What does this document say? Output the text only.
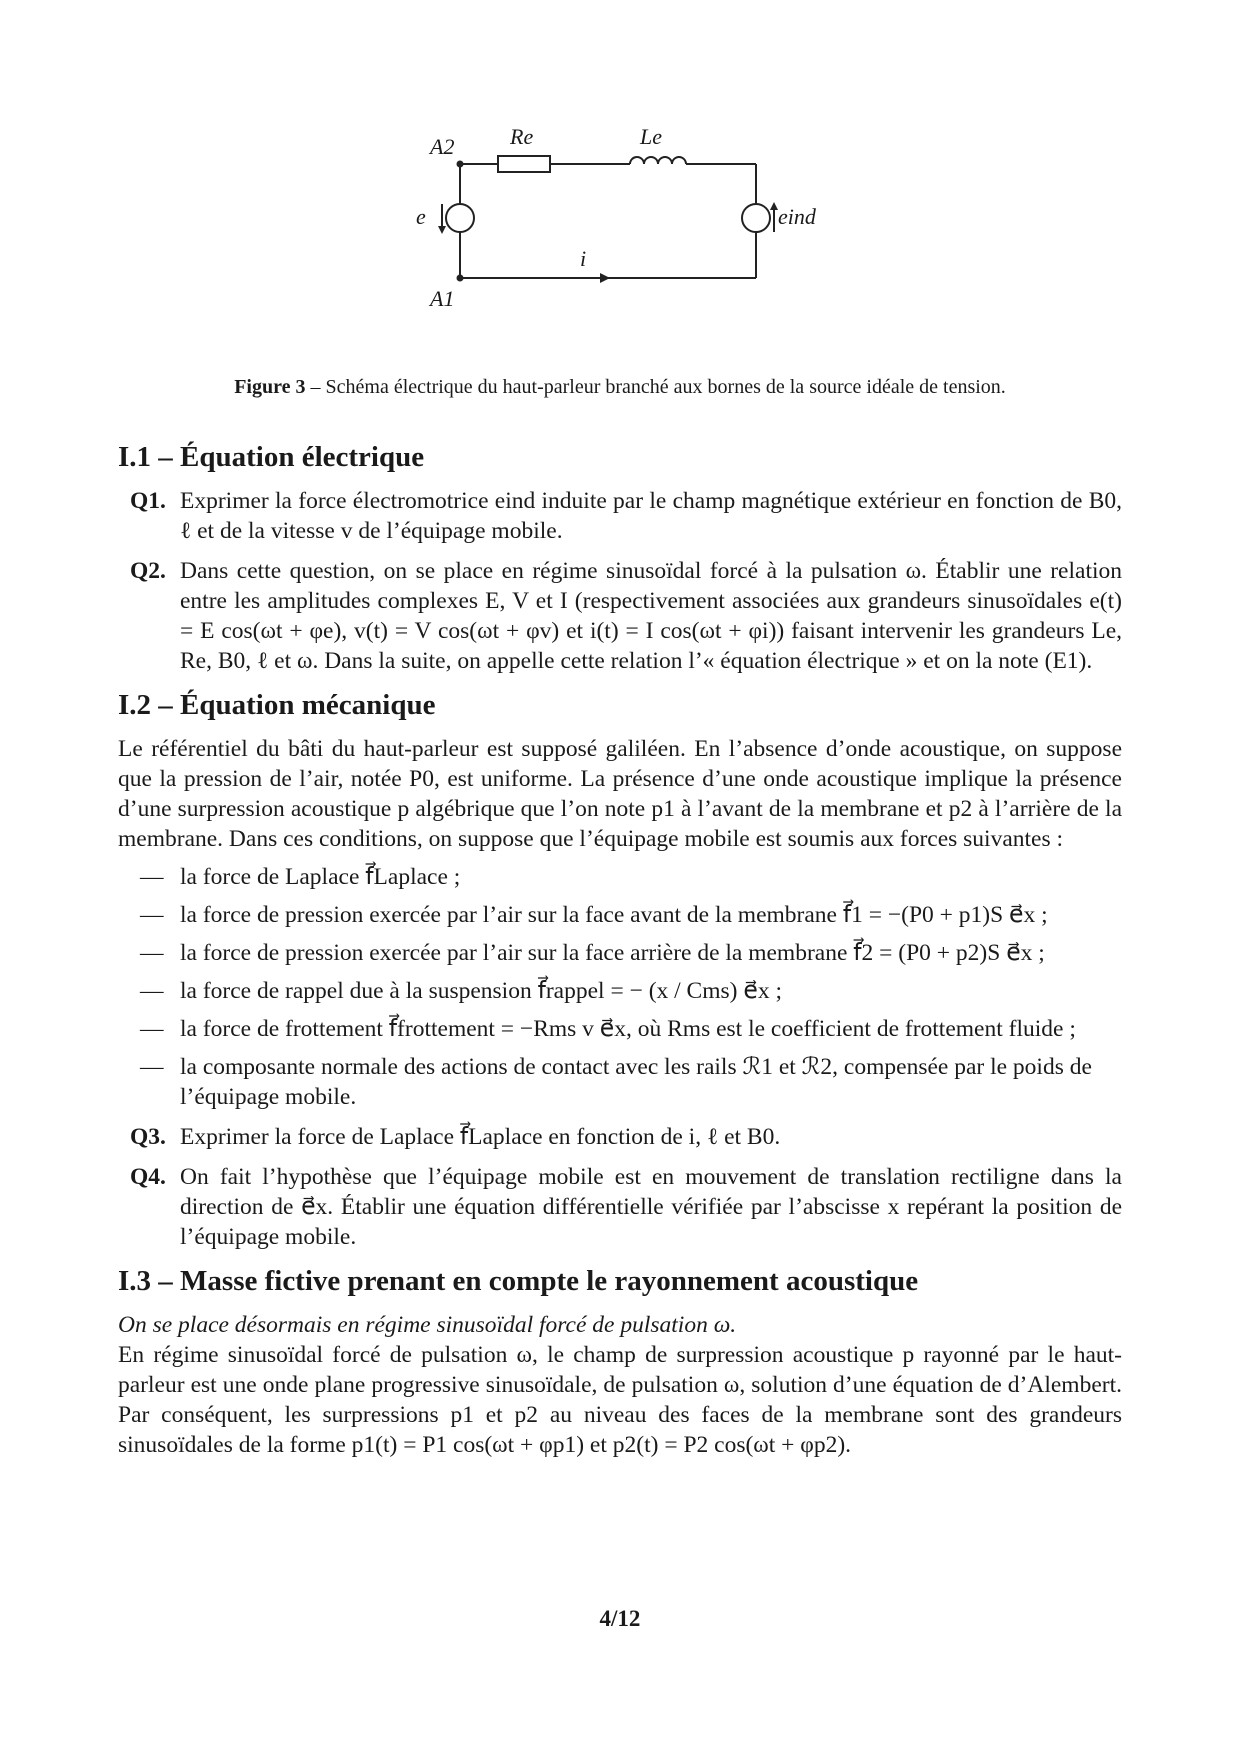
A2
A1
Re	Le
e	eind
i
Figure 3 – Schéma électrique du haut-parleur branché aux bornes de la source idéale de tension.
I.1 – Équation électrique
Q1. Exprimer la force électromotrice eind induite par le champ magnétique extérieur en fonction de B0, ℓ et de la vitesse v de l’équipage mobile.
Q2. Dans cette question, on se place en régime sinusoïdal forcé à la pulsation ω. Établir une relation entre les amplitudes complexes E, V et I (respectivement associées aux grandeurs sinusoïdales e(t) = E cos(ωt + φe), v(t) = V cos(ωt + φv) et i(t) = I cos(ωt + φi)) faisant intervenir les grandeurs Le, Re, B0, ℓ et ω. Dans la suite, on appelle cette relation l’« équation électrique » et on la note (E1).
I.2 – Équation mécanique

Le référentiel du bâti du haut-parleur est supposé galiléen. En l’absence d’onde acoustique, on suppose que la pression de l’air, notée P0, est uniforme. La présence d’une onde acoustique implique la présence d’une surpression acoustique p algébrique que l’on note p1 à l’avant de la membrane et p2 à l’arrière de la membrane. Dans ces conditions, on suppose que l’équipage mobile est soumis aux forces suivantes :

— la force de Laplace f⃗Laplace ;
— la force de pression exercée par l’air sur la face avant de la membrane f⃗1 = −(P0 + p1)S e⃗x ;
— la force de pression exercée par l’air sur la face arrière de la membrane f⃗2 = (P0 + p2)S e⃗x ;
— la force de rappel due à la suspension f⃗rappel = − (x / Cms) e⃗x ;
— la force de frottement f⃗frottement = −Rms v e⃗x, où Rms est le coefficient de frottement fluide ;
— la composante normale des actions de contact avec les rails ℛ1 et ℛ2, compensée par le poids de l’équipage mobile.
Q3. Exprimer la force de Laplace f⃗Laplace en fonction de i, ℓ et B0.
Q4. On fait l’hypothèse que l’équipage mobile est en mouvement de translation rectiligne dans la direction de e⃗x. Établir une équation différentielle vérifiée par l’abscisse x repérant la position de l’équipage mobile.
I.3 – Masse fictive prenant en compte le rayonnement acoustique

On se place désormais en régime sinusoïdal forcé de pulsation ω.

En régime sinusoïdal forcé de pulsation ω, le champ de surpression acoustique p rayonné par le haut-parleur est une onde plane progressive sinusoïdale, de pulsation ω, solution d’une équation de d’Alembert. Par conséquent, les surpressions p1 et p2 au niveau des faces de la membrane sont des grandeurs sinusoïdales de la forme p1(t) = P1 cos(ωt + φp1) et p2(t) = P2 cos(ωt + φp2).

4/12
